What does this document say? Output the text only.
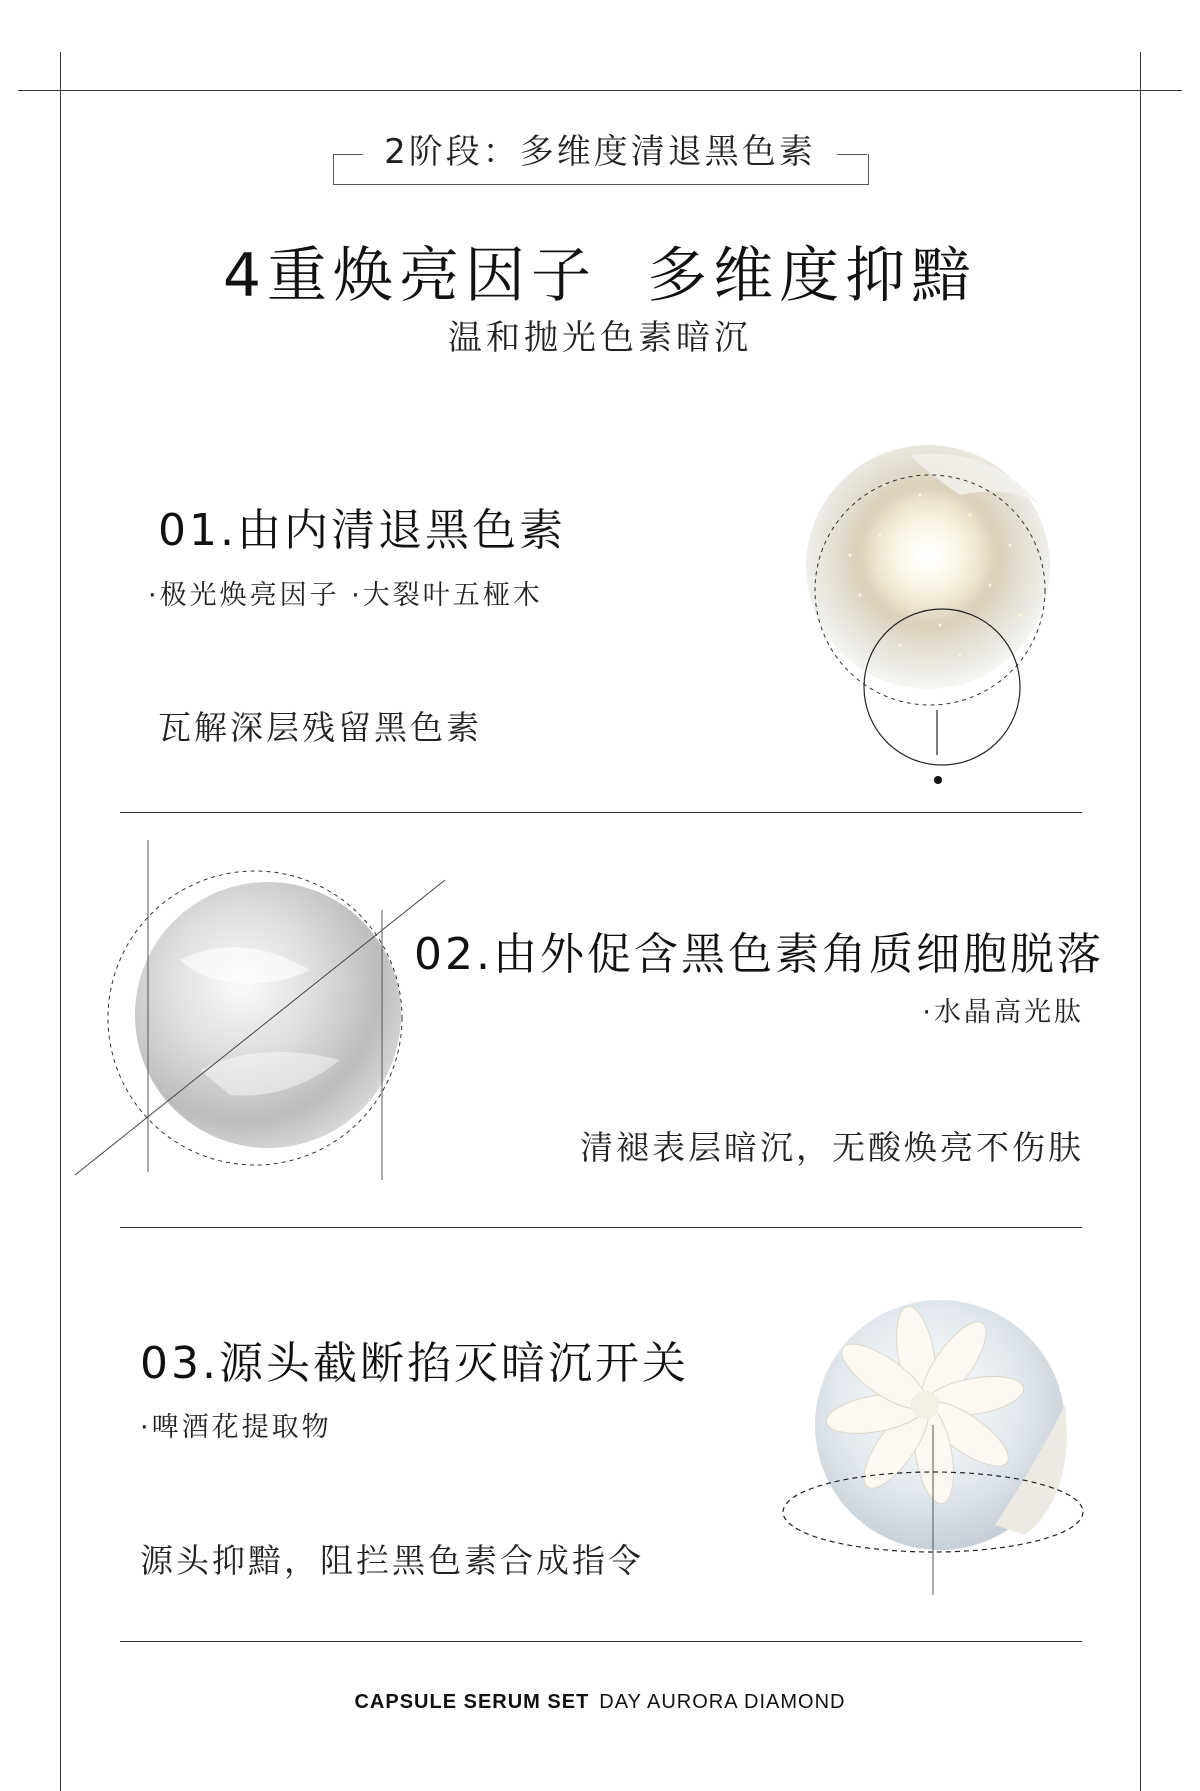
2阶段：多维度清退黑色素
4重焕亮因子  多维度抑黯
温和抛光色素暗沉
01.由内清退黑色素
·极光焕亮因子 ·大裂叶五桠木
瓦解深层残留黑色素
02.由外促含黑色素角质细胞脱落
·水晶高光肽
清褪表层暗沉，无酸焕亮不伤肤
03.源头截断掐灭暗沉开关
·啤酒花提取物
源头抑黯，阻拦黑色素合成指令
CAPSULE SERUM SET DAY AURORA DIAMOND
